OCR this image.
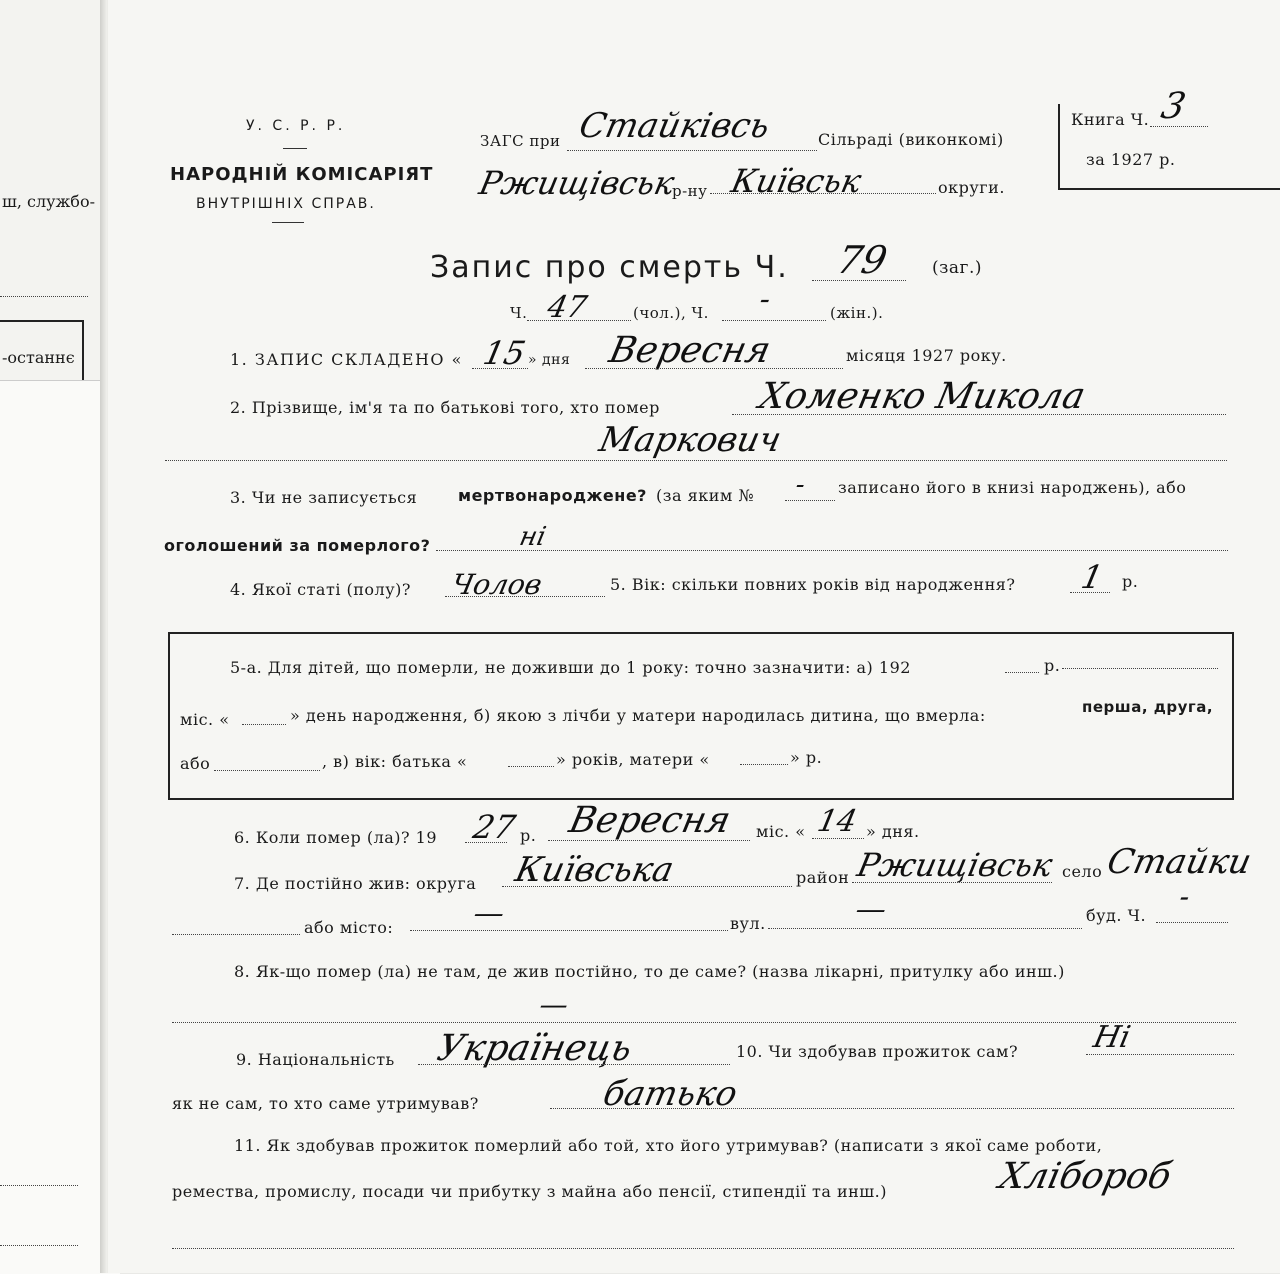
ш, службо-
-останнє
У. С. Р. Р.
НАРОДНІЙ КОМІСАРІЯТ
ВНУТРІШНІХ СПРАВ.
ЗАГС при Стайківсь	Сільраді (виконкомі)
Ржищівськ
р-ну Київськ	округи.
Книга Ч. 3
за 1927 р.
Запис про смерть Ч. 79 (заг.)
Ч. 47	(чол.), Ч. -	(жін.).
1. ЗАПИС СКЛАДЕНО « 15 » дня Вересня	місяця 1927 року.
2. Прізвище, ім'я та по батькові того, хто помер	Хоменко Микола
Маркович
3. Чи не записується	мертвонароджене? (за яким № - записано його в книзі народжень), або
оголошений за померлого?	ні
4. Якої статі (полу)? Чолов	5. Вік: скільки повних років від народження? 1 р.
5-а. Для дітей, що померли, не доживши до 1 року: точно зазначити: а) 192	р.
міс. «	» день народження, б) якою з лічби у матери народилась дитина, що вмерла:	перша, друга,
або	, в) вік: батька «	» років, матери «	» р.
6. Коли помер (ла)? 19 27 р. Вересня міс. « 14 » дня.
7. Де постійно жив: округа Київська	район Ржищівськ село Стайки
або місто:	—	вул.	—	буд. Ч.
-
8. Як-що помер (ла) не там, де жив постійно, то де саме? (назва лікарні, притулку або инш.)
—
9. Національність Українець	10. Чи здобував прожиток сам? Ні
як не сам, то хто саме утримував?	батько
11. Як здобував прожиток померлий або той, хто його утримував? (написати з якої саме роботи,
ремества, промислу, посади чи прибутку з майна або пенсії, стипендії та инш.)	Хлібороб
